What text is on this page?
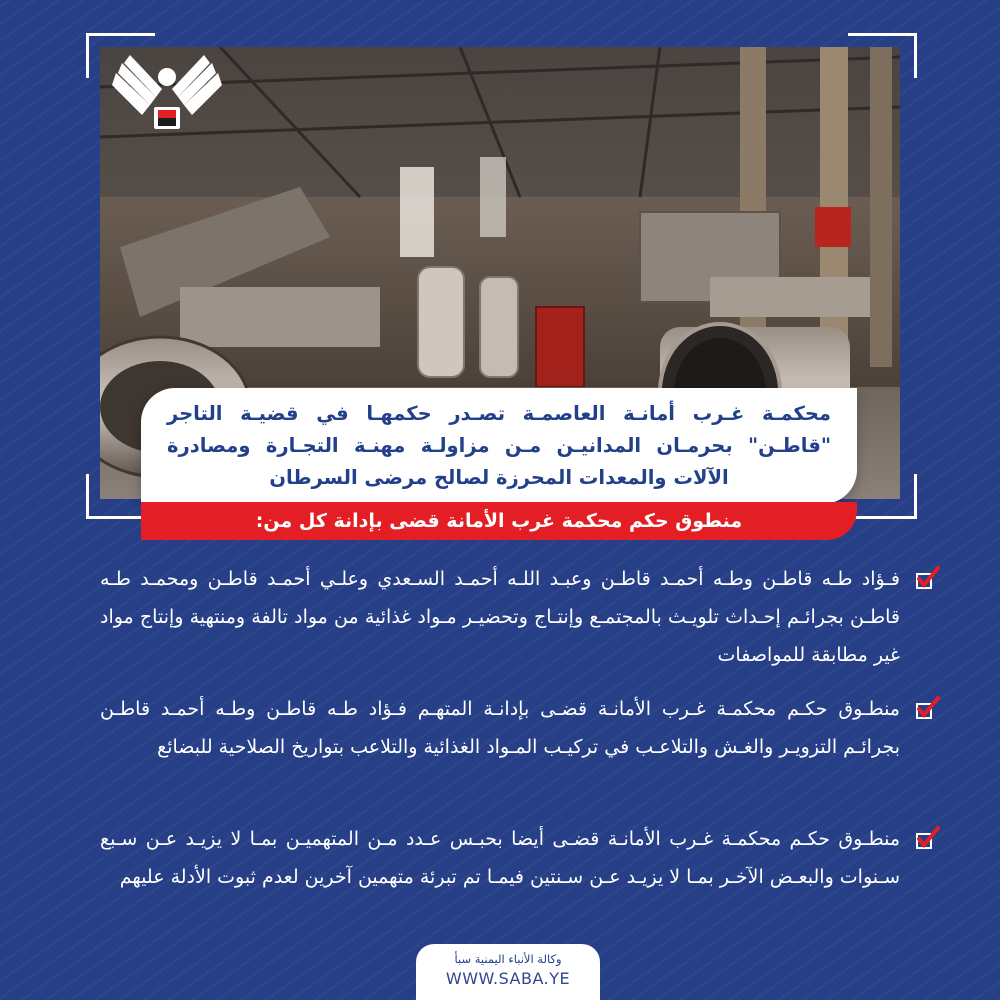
محكمـة غـرب أمانـة العاصمـة تصـدر حكمهـا في قضيـة التاجر "قاطـن" بحرمـان المدانيـن مـن مزاولـة مهنـة التجـارة ومصادرة الآلات والمعدات المحرزة لصالح مرضى السرطان

منطوق حكم محكمة غرب الأمانة قضى بإدانة كل من:

فـؤاد طـه قاطـن وطـه أحمـد قاطـن وعبـد اللـه أحمـد السـعدي وعلـي أحمـد قاطـن ومحمـد طـه قاطـن بجرائـم إحـداث تلويـث بالمجتمـع وإنتـاج وتحضيـر مـواد غذائية من مواد تالفة ومنتهية وإنتاج مواد غير مطابقة للمواصفات

منطـوق حكـم محكمـة غـرب الأمانـة قضـى بإدانـة المتهـم فـؤاد طـه قاطـن وطـه أحمـد قاطـن بجرائـم التزويـر والغـش والتلاعـب في تركيـب المـواد الغذائية والتلاعب بتواريخ الصلاحية للبضائع

منطـوق حكـم محكمـة غـرب الأمانـة قضـى أيضا بحبـس عـدد مـن المتهميـن بمـا لا يزيـد عـن سـبع سـنوات والبعـض الآخـر بمـا لا يزيـد عـن سـنتين فيمـا تم تبرئة متهمين آخرين لعدم ثبوت الأدلة عليهم

وكالة الأنباء اليمنية سبأ
WWW.SABA.YE
